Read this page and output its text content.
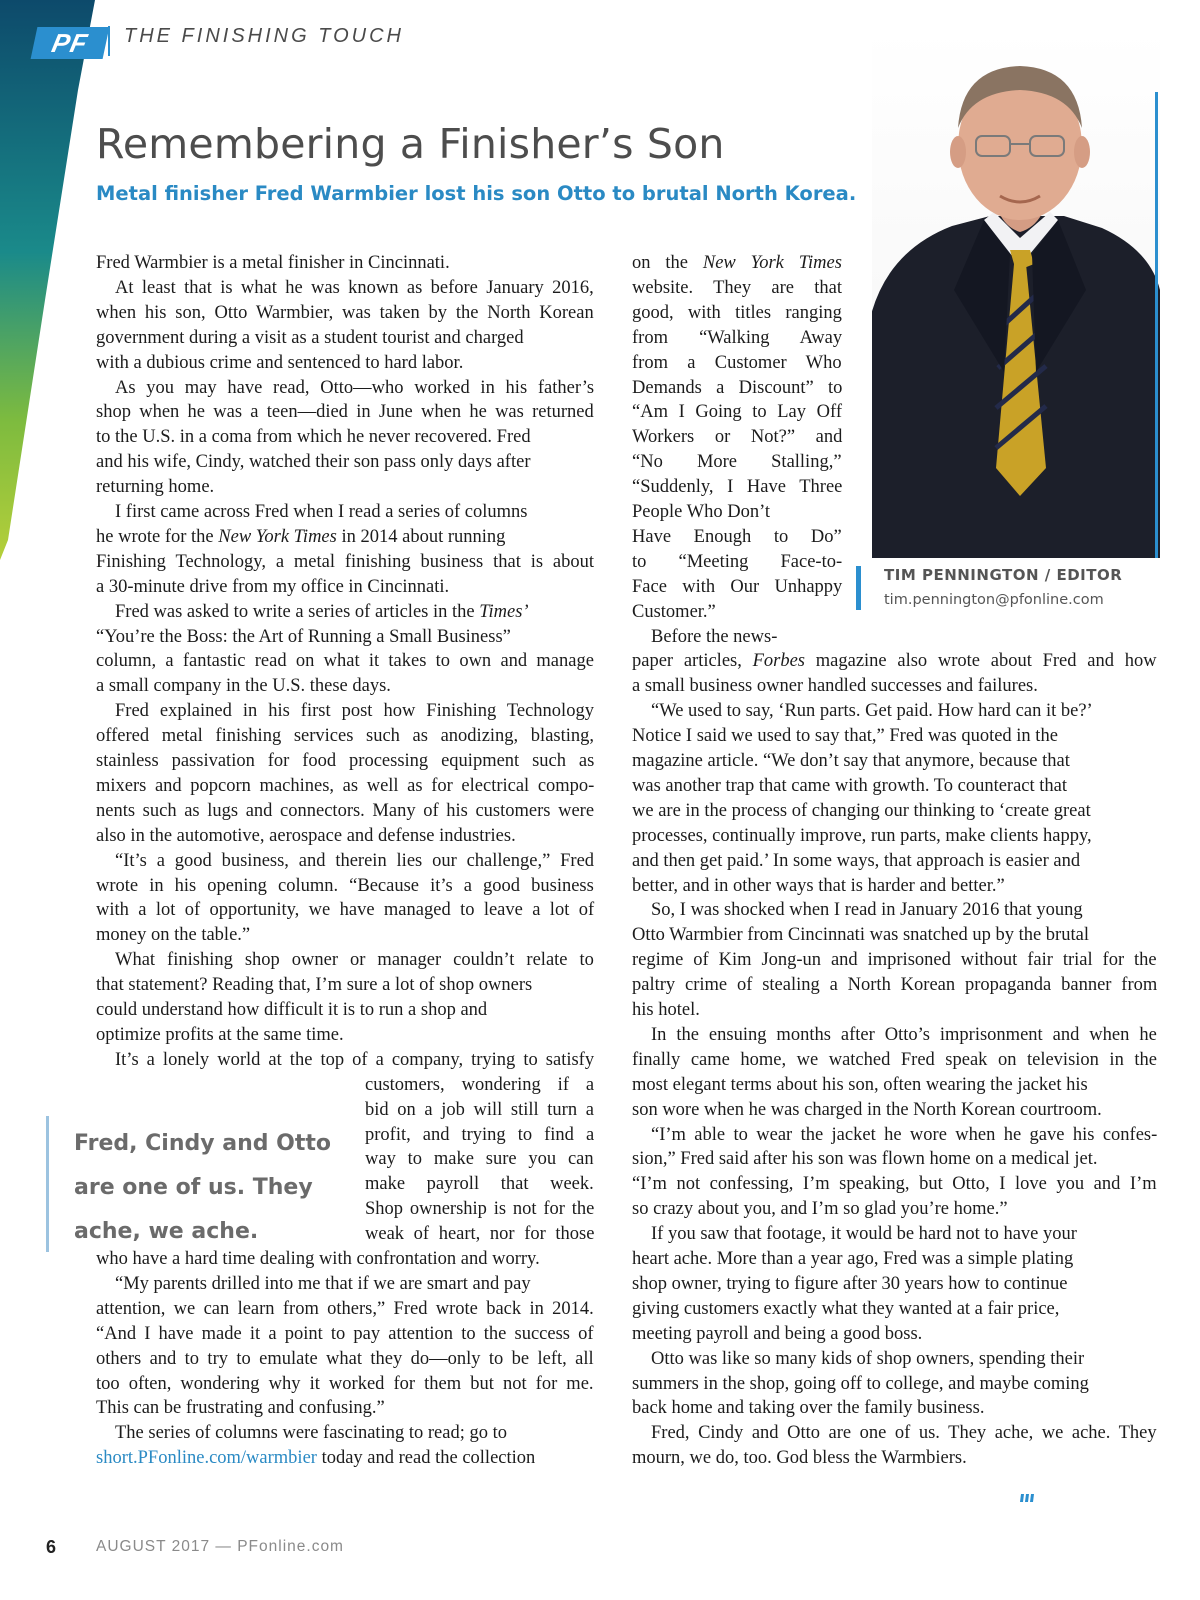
PF	THE FINISHING TOUCH
Remembering a Finisher’s Son
Metal finisher Fred Warmbier lost his son Otto to brutal North Korea.
TIM PENNINGTON / EDITOR
tim.pennington@pfonline.com
Fred Warmbier is a metal finisher in Cincinnati.
At least that is what he was known as before January 2016,
when his son, Otto Warmbier, was taken by the North Korean
government during a visit as a student tourist and charged
with a dubious crime and sentenced to hard labor.
As you may have read, Otto—who worked in his father’s
shop when he was a teen—died in June when he was returned
to the U.S. in a coma from which he never recovered. Fred
and his wife, Cindy, watched their son pass only days after
returning home.
I first came across Fred when I read a series of columns
he wrote for the New York Times in 2014 about running
Finishing Technology, a metal finishing business that is about
a 30-minute drive from my office in Cincinnati.
Fred was asked to write a series of articles in the Times’
“You’re the Boss: the Art of Running a Small Business”
column, a fantastic read on what it takes to own and manage
a small company in the U.S. these days.
Fred explained in his first post how Finishing Technology
offered metal finishing services such as anodizing, blasting,
stainless passivation for food processing equipment such as
mixers and popcorn machines, as well as for electrical compo-
nents such as lugs and connectors. Many of his customers were
also in the automotive, aerospace and defense industries.
“It’s a good business, and therein lies our challenge,” Fred
wrote in his opening column. “Because it’s a good business
with a lot of opportunity, we have managed to leave a lot of
money on the table.”
What finishing shop owner or manager couldn’t relate to
that statement? Reading that, I’m sure a lot of shop owners
could understand how difficult it is to run a shop and
optimize profits at the same time.
It’s a lonely world at the top of a company, trying to satisfy
customers, wondering if a
bid on a job will still turn a
profit, and trying to find a
way to make sure you can
make payroll that week.
Shop ownership is not for the
weak of heart, nor for those
who have a hard time dealing with confrontation and worry.
“My parents drilled into me that if we are smart and pay
attention, we can learn from others,” Fred wrote back in 2014.
“And I have made it a point to pay attention to the success of
others and to try to emulate what they do—only to be left, all
too often, wondering why it worked for them but not for me.
This can be frustrating and confusing.”
The series of columns were fascinating to read; go to
short.PFonline.com/warmbier today and read the collection
on the New York Times
website. They are that
good, with titles ranging
from “Walking Away
from a Customer Who
Demands a Discount” to
“Am I Going to Lay Off
Workers or Not?” and
“No More Stalling,”
“Suddenly, I Have Three
People Who Don’t
Have Enough to Do”
to “Meeting Face-to-
Face with Our Unhappy
Customer.”
Before the news-
paper articles, Forbes magazine also wrote about Fred and how
a small business owner handled successes and failures.
“We used to say, ‘Run parts. Get paid. How hard can it be?’
Notice I said we used to say that,” Fred was quoted in the
magazine article. “We don’t say that anymore, because that
was another trap that came with growth. To counteract that
we are in the process of changing our thinking to ‘create great
processes, continually improve, run parts, make clients happy,
and then get paid.’ In some ways, that approach is easier and
better, and in other ways that is harder and better.”
So, I was shocked when I read in January 2016 that young
Otto Warmbier from Cincinnati was snatched up by the brutal
regime of Kim Jong-un and imprisoned without fair trial for the
paltry crime of stealing a North Korean propaganda banner from
his hotel.
In the ensuing months after Otto’s imprisonment and when he
finally came home, we watched Fred speak on television in the
most elegant terms about his son, often wearing the jacket his
son wore when he was charged in the North Korean courtroom.
“I’m able to wear the jacket he wore when he gave his confes-
sion,” Fred said after his son was flown home on a medical jet.
“I’m not confessing, I’m speaking, but Otto, I love you and I’m
so crazy about you, and I’m so glad you’re home.”
If you saw that footage, it would be hard not to have your
heart ache. More than a year ago, Fred was a simple plating
shop owner, trying to figure after 30 years how to continue
giving customers exactly what they wanted at a fair price,
meeting payroll and being a good boss.
Otto was like so many kids of shop owners, spending their
summers in the shop, going off to college, and maybe coming
back home and taking over the family business.
Fred, Cindy and Otto are one of us. They ache, we ache. They
mourn, we do, too. God bless the Warmbiers.

Fred, Cindy and Otto are one of us. They ache, we ache.

6	AUGUST 2017 — PFonline.com
